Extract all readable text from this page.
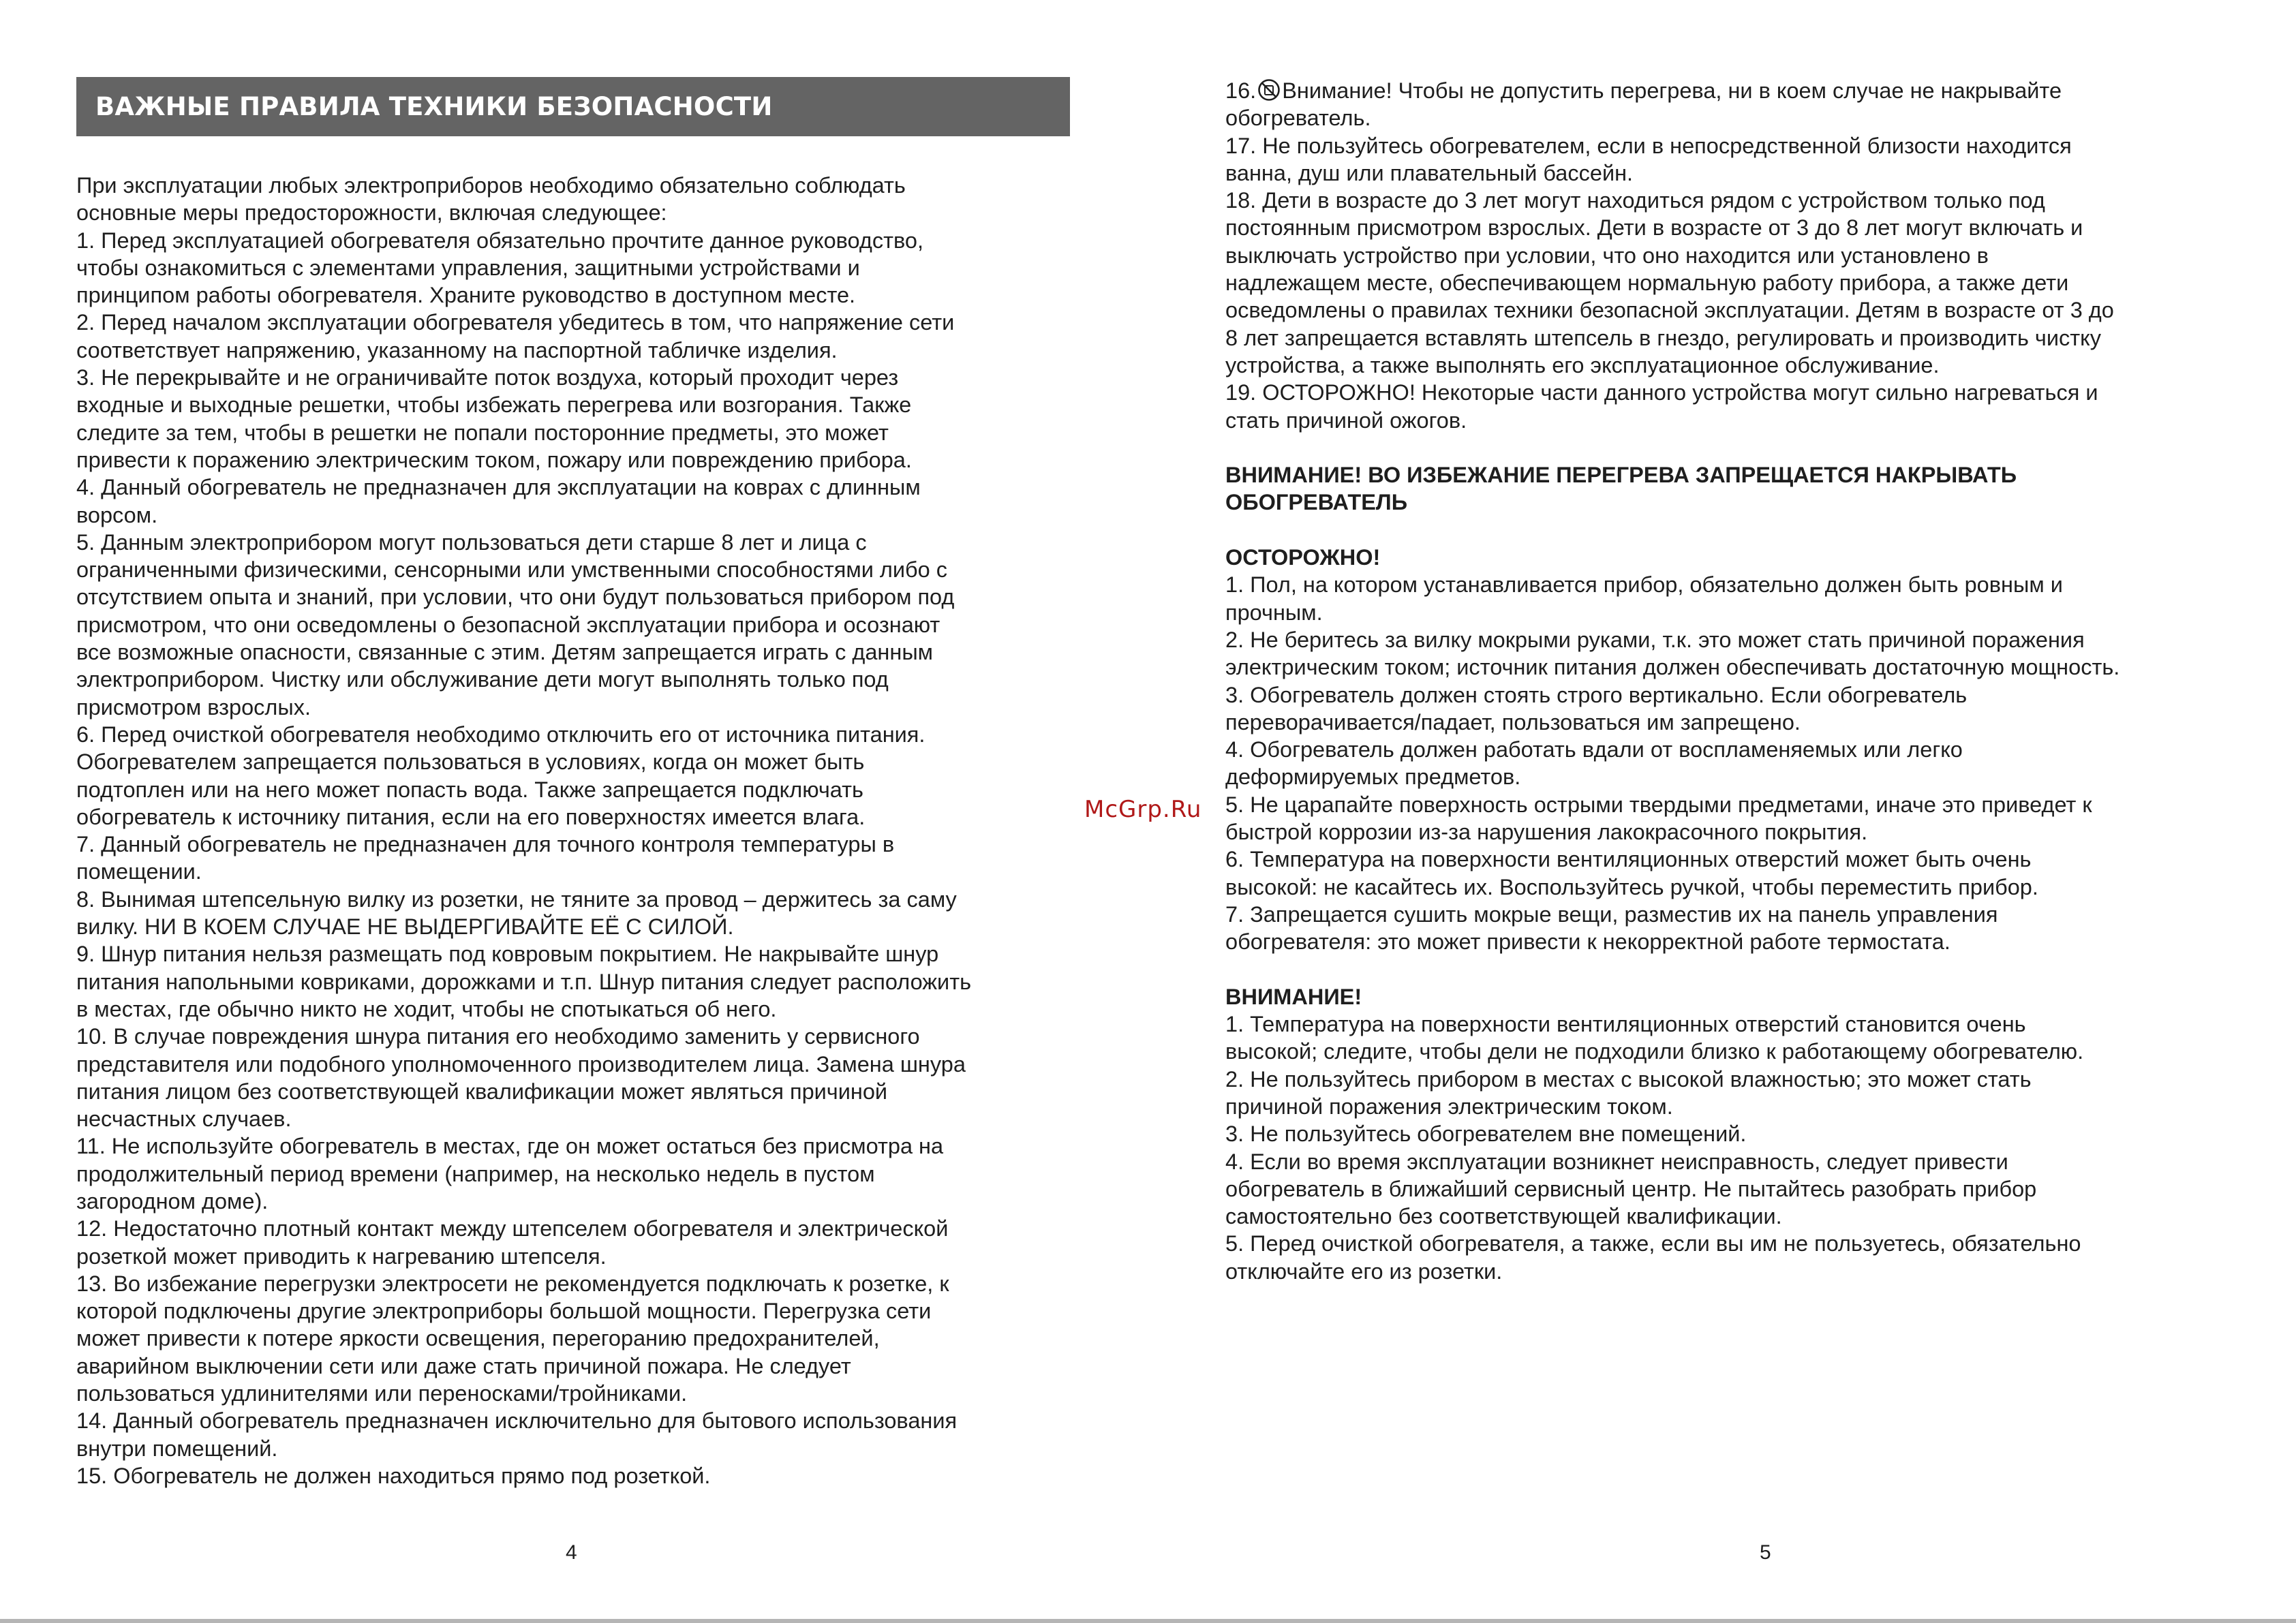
ВАЖНЫЕ ПРАВИЛА ТЕХНИКИ БЕЗОПАСНОСТИ
При эксплуатации любых электроприборов необходимо обязательно соблюдать
основные меры предосторожности, включая следующее:
1. Перед эксплуатацией обогревателя обязательно прочтите данное руководство,
чтобы ознакомиться с элементами управления, защитными устройствами и
принципом работы обогревателя. Храните руководство в доступном месте.
2. Перед началом эксплуатации обогревателя убедитесь в том, что напряжение сети
соответствует напряжению, указанному на паспортной табличке изделия.
3. Не перекрывайте и не ограничивайте поток воздуха, который проходит через
входные и выходные решетки, чтобы избежать перегрева или возгорания. Также
следите за тем, чтобы в решетки не попали посторонние предметы, это может
привести к поражению электрическим током, пожару или повреждению прибора.
4. Данный обогреватель не предназначен для эксплуатации на коврах с длинным
ворсом.
5. Данным электроприбором могут пользоваться дети старше 8 лет и лица с
ограниченными физическими, сенсорными или умственными способностями либо с
отсутствием опыта и знаний, при условии, что они будут пользоваться прибором под
присмотром, что они осведомлены о безопасной эксплуатации прибора и осознают
все возможные опасности, связанные с этим. Детям запрещается играть с данным
электроприбором. Чистку или обслуживание дети могут выполнять только под
присмотром взрослых.
6. Перед очисткой обогревателя необходимо отключить его от источника питания.
Обогревателем запрещается пользоваться в условиях, когда он может быть
подтоплен или на него может попасть вода. Также запрещается подключать
обогреватель к источнику питания, если на его поверхностях имеется влага.
7. Данный обогреватель не предназначен для точного контроля температуры в
помещении.
8. Вынимая штепсельную вилку из розетки, не тяните за провод – держитесь за саму
вилку. НИ В КОЕМ СЛУЧАЕ НЕ ВЫДЕРГИВАЙТЕ ЕЁ С СИЛОЙ.
9. Шнур питания нельзя размещать под ковровым покрытием. Не накрывайте шнур
питания напольными ковриками, дорожками и т.п. Шнур питания следует расположить
в местах, где обычно никто не ходит, чтобы не спотыкаться об него.
10. В случае повреждения шнура питания его необходимо заменить у сервисного
представителя или подобного уполномоченного производителем лица. Замена шнура
питания лицом без соответствующей квалификации может являться причиной
несчастных случаев.
11. Не используйте обогреватель в местах, где он может остаться без присмотра на
продолжительный период времени (например, на несколько недель в пустом
загородном доме).
12. Недостаточно плотный контакт между штепселем обогревателя и электрической
розеткой может приводить к нагреванию штепселя.
13. Во избежание перегрузки электросети не рекомендуется подключать к розетке, к
которой подключены другие электроприборы большой мощности. Перегрузка сети
может привести к потере яркости освещения, перегоранию предохранителей,
аварийном выключении сети или даже стать причиной пожара. Не следует
пользоваться удлинителями или переносками/тройниками.
14. Данный обогреватель предназначен исключительно для бытового использования
внутри помещений.
15. Обогреватель не должен находиться прямо под розеткой.
16. Внимание! Чтобы не допустить перегрева, ни в коем случае не накрывайте
обогреватель.
17. Не пользуйтесь обогревателем, если в непосредственной близости находится
ванна, душ или плавательный бассейн.
18. Дети в возрасте до 3 лет могут находиться рядом с устройством только под
постоянным присмотром взрослых. Дети в возрасте от 3 до 8 лет могут включать и
выключать устройство при условии, что оно находится или установлено в
надлежащем месте, обеспечивающем нормальную работу прибора, а также дети
осведомлены о правилах техники безопасной эксплуатации. Детям в возрасте от 3 до
8 лет запрещается вставлять штепсель в гнездо, регулировать и производить чистку
устройства, а также выполнять его эксплуатационное обслуживание.
19. ОСТОРОЖНО! Некоторые части данного устройства могут сильно нагреваться и
стать причиной ожогов.
ВНИМАНИЕ! ВО ИЗБЕЖАНИЕ ПЕРЕГРЕВА ЗАПРЕЩАЕТСЯ НАКРЫВАТЬ
ОБОГРЕВАТЕЛЬ
ОСТОРОЖНО!
1. Пол, на котором устанавливается прибор, обязательно должен быть ровным и
прочным.
2. Не беритесь за вилку мокрыми руками, т.к. это может стать причиной поражения
электрическим током; источник питания должен обеспечивать достаточную мощность.
3. Обогреватель должен стоять строго вертикально. Если обогреватель
переворачивается/падает, пользоваться им запрещено.
4. Обогреватель должен работать вдали от воспламеняемых или легко
деформируемых предметов.
5. Не царапайте поверхность острыми твердыми предметами, иначе это приведет к
быстрой коррозии из-за нарушения лакокрасочного покрытия.
6. Температура на поверхности вентиляционных отверстий может быть очень
высокой: не касайтесь их. Воспользуйтесь ручкой, чтобы переместить прибор.
7. Запрещается сушить мокрые вещи, разместив их на панель управления
обогревателя: это может привести к некорректной работе термостата.
ВНИМАНИЕ!
1. Температура на поверхности вентиляционных отверстий становится очень
высокой; следите, чтобы дели не подходили близко к работающему обогревателю.
2. Не пользуйтесь прибором в местах с высокой влажностью; это может стать
причиной поражения электрическим током.
3. Не пользуйтесь обогревателем вне помещений.
4. Если во время эксплуатации возникнет неисправность, следует привести
обогреватель в ближайший сервисный центр. Не пытайтесь разобрать прибор
самостоятельно без соответствующей квалификации.
5. Перед очисткой обогревателя, а также, если вы им не пользуетесь, обязательно
отключайте его из розетки.
McGrp.Ru
4	5
